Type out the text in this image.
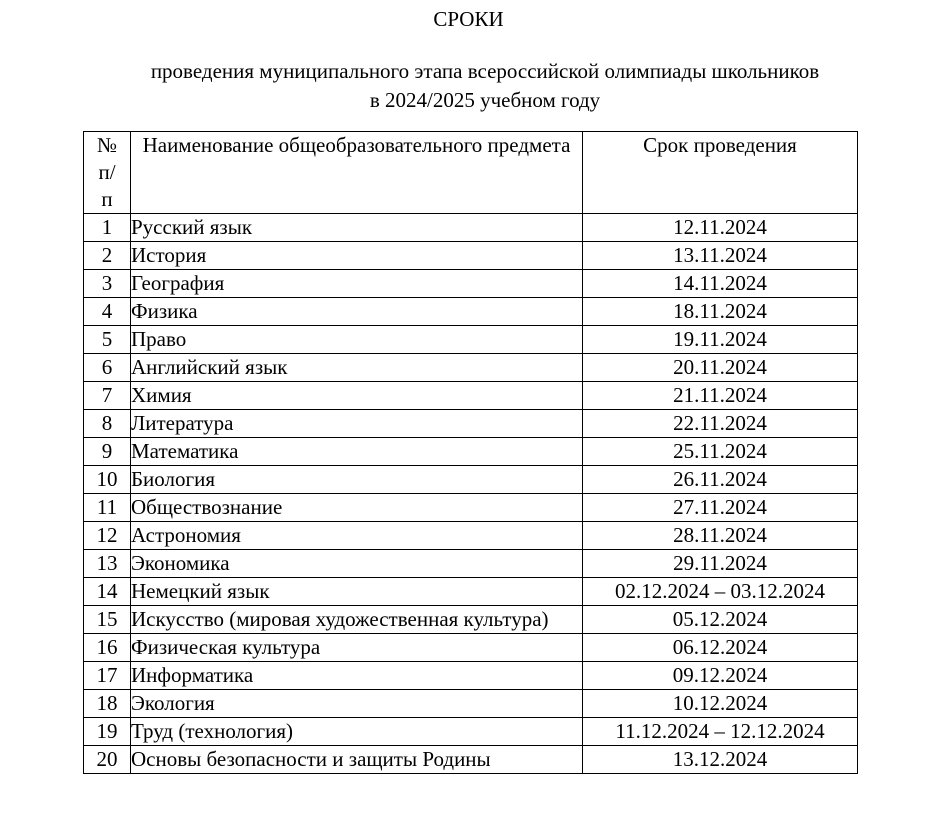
СРОКИ
проведения муниципального этапа всероссийской олимпиады школьников
в 2024/2025 учебном году
№
п/
п	Наименование общеобразовательного предмета	Срок проведения
1	Русский язык	12.11.2024
2	История	13.11.2024
3	География	14.11.2024
4	Физика	18.11.2024
5	Право	19.11.2024
6	Английский язык	20.11.2024
7	Химия	21.11.2024
8	Литература	22.11.2024
9	Математика	25.11.2024
10	Биология	26.11.2024
11	Обществознание	27.11.2024
12	Астрономия	28.11.2024
13	Экономика	29.11.2024
14	Немецкий язык	02.12.2024 – 03.12.2024
15	Искусство (мировая художественная культура)	05.12.2024
16	Физическая культура	06.12.2024
17	Информатика	09.12.2024
18	Экология	10.12.2024
19	Труд (технология)	11.12.2024 – 12.12.2024
20	Основы безопасности и защиты Родины	13.12.2024
